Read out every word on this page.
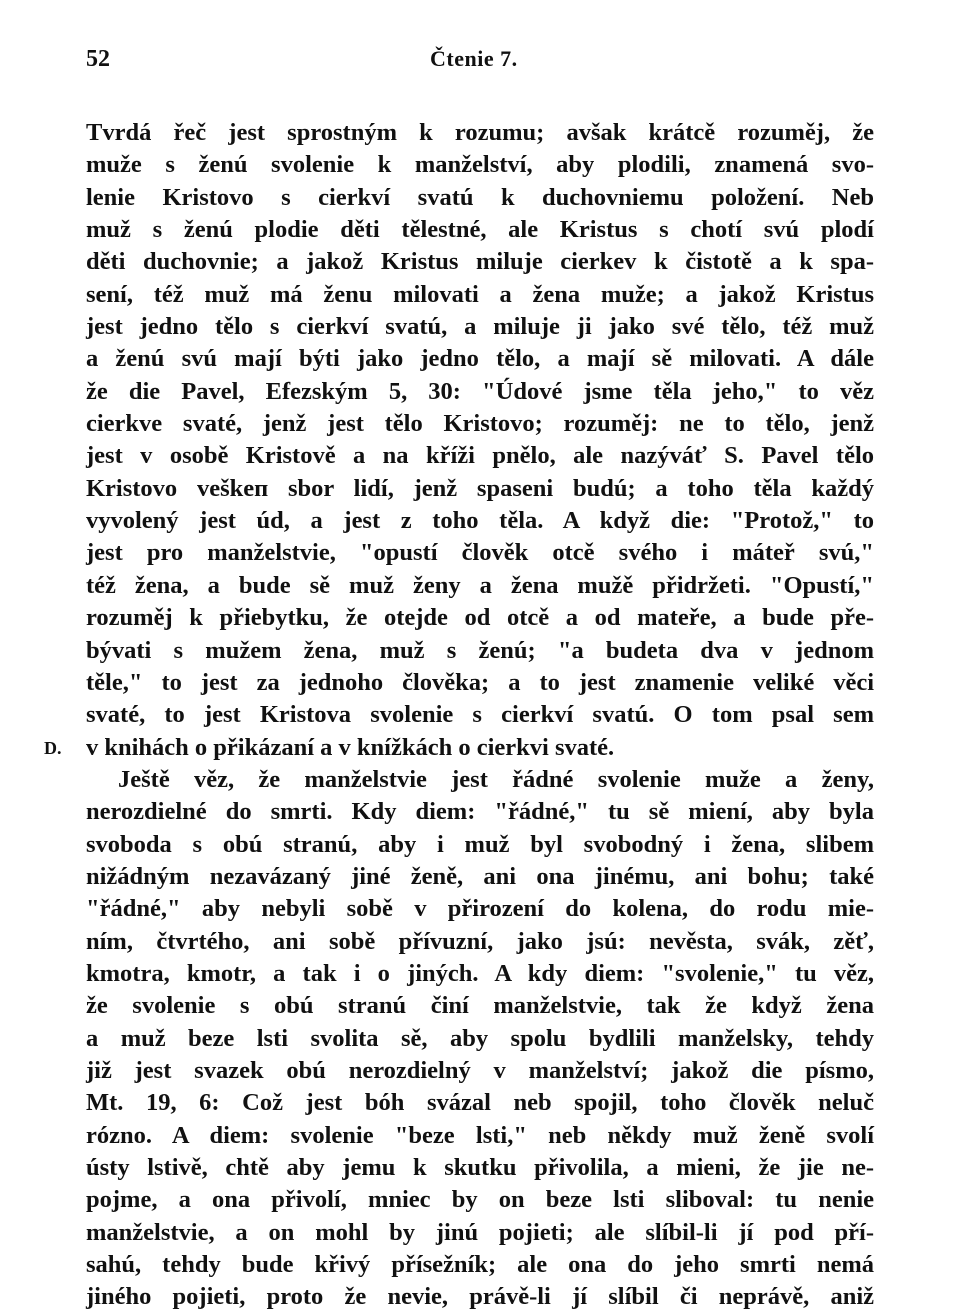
52	Čtenie 7.
D.
Tvrdá řeč jest sprostným k rozumu; avšak krátcě rozuměj, že
muže s ženú svolenie k manželství, aby plodili, znamená svo-
lenie Kristovo s cierkví svatú k duchovniemu položení. Neb
muž s ženú plodie děti tělestné, ale Kristus s chotí svú plodí
děti duchovnie; a jakož Kristus miluje cierkev k čistotě a k spa-
sení, též muž má ženu milovati a žena muže; a jakož Kristus
jest jedno tělo s cierkví svatú, a miluje ji jako své tělo, též muž
a ženú svú mají býti jako jedno tělo, a mají sě milovati. A dále
že die Pavel, Efezským 5, 30: "Údové jsme těla jeho," to věz
cierkve svaté, jenž jest tělo Kristovo; rozuměj: ne to tělo, jenž
jest v osobě Kristově a na kříži pnělo, ale nazýváť S. Pavel tělo
Kristovo veškeп sbor lidí, jenž spaseni budú; a toho těla každý
vyvolený jest úd, a jest z toho těla. A když die: "Protož," to
jest pro manželstvie, "opustí člověk otcě svého i máteř svú,"
též žena, a bude sě muž ženy a žena mužě přidržeti. "Opustí,"
rozuměj k přiebytku, že otejde od otcě a od mateře, a bude pře-
bývati s mužem žena, muž s ženú; "a budeta dva v jednom
těle," to jest za jednoho člověka; a to jest znamenie veliké věci
svaté, to jest Kristova svolenie s cierkví svatú. O tom psal sem
v knihách o přikázaní a v knížkách o cierkvi svaté.
Ještě věz, že manželstvie jest řádné svolenie muže a ženy,
nerozdielné do smrti. Kdy diem: "řádné," tu sě miení, aby byla
svoboda s obú stranú, aby i muž byl svobodný i žena, slibem
nižádným nezavázaný jiné ženě, ani ona jinému, ani bohu; také
"řádné," aby nebyli sobě v přirození do kolena, do rodu mie-
ním, čtvrtého, ani sobě přívuzní, jako jsú: nevěsta, svák, zěť,
kmotra, kmotr, a tak i o jiných. A kdy diem: "svolenie," tu věz,
že svolenie s obú stranú činí manželstvie, tak že když žena
a muž beze lsti svolita sě, aby spolu bydlili manželsky, tehdy
již jest svazek obú nerozdielný v manželství; jakož die písmo,
Mt. 19, 6: Což jest bóh svázal neb spojil, toho člověk neluč
rózno. A diem: svolenie "beze lsti," neb někdy muž ženě svolí
ústy lstivě, chtě aby jemu k skutku přivolila, a mieni, že jie ne-
pojme, a ona přivolí, mniec by on beze lsti sliboval: tu nenie
manželstvie, a on mohl by jinú pojieti; ale slíbil-li jí pod pří-
sahú, tehdy bude křivý přísežník; ale ona do jeho smrti nemá
jiného pojieti, proto že nevie, právě-li jí slíbil či neprávě, aniž
